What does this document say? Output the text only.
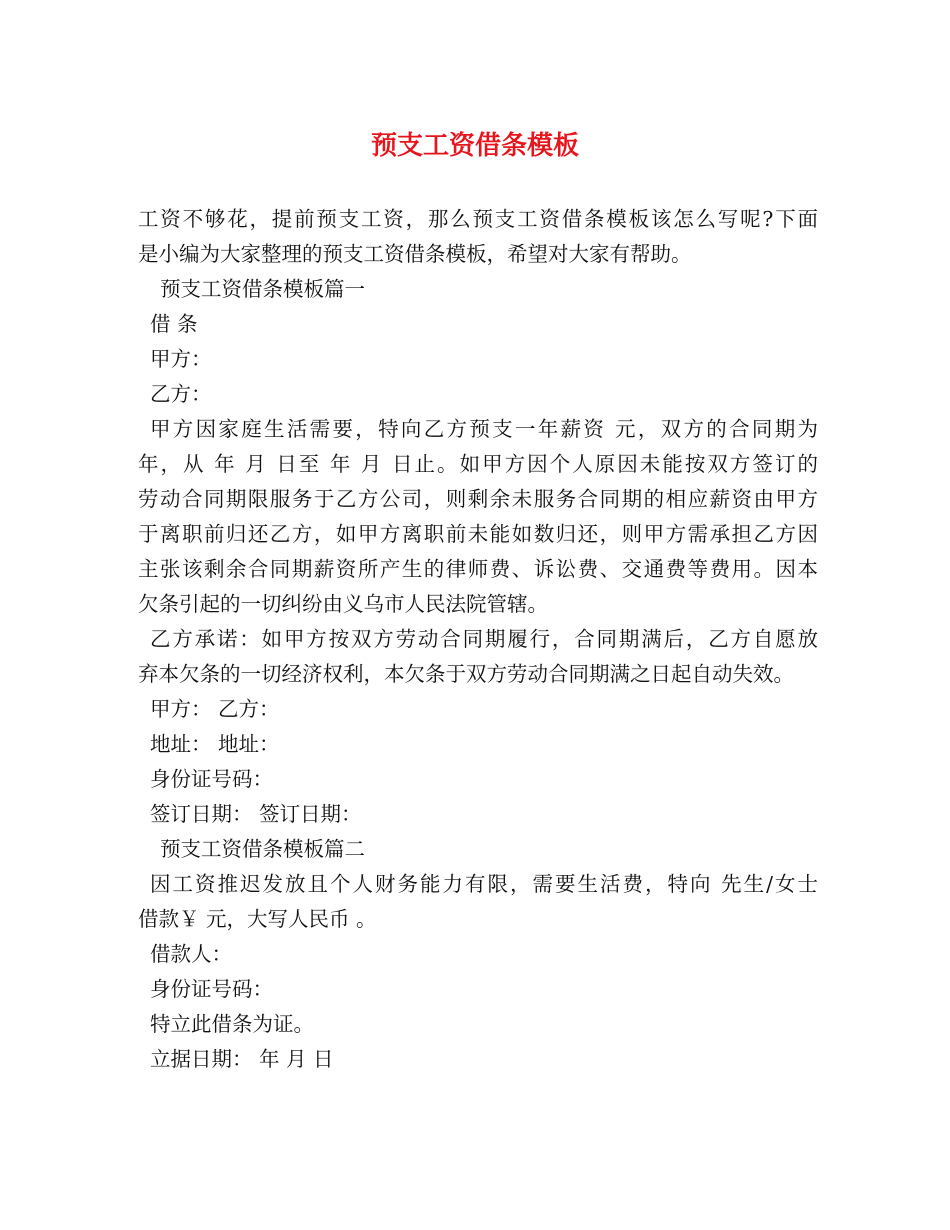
预支工资借条模板
工资不够花，提前预支工资，那么预支工资借条模板该怎么写呢?下面
是小编为大家整理的预支工资借条模板，希望对大家有帮助。
预支工资借条模板篇一
借 条
甲方：
乙方：
甲方因家庭生活需要，特向乙方预支一年薪资 元，双方的合同期为
年，从 年 月 日至 年 月 日止。如甲方因个人原因未能按双方签订的
劳动合同期限服务于乙方公司，则剩余未服务合同期的相应薪资由甲方
于离职前归还乙方，如甲方离职前未能如数归还，则甲方需承担乙方因
主张该剩余合同期薪资所产生的律师费、诉讼费、交通费等费用。因本
欠条引起的一切纠纷由义乌市人民法院管辖。
乙方承诺：如甲方按双方劳动合同期履行，合同期满后，乙方自愿放
弃本欠条的一切经济权利，本欠条于双方劳动合同期满之日起自动失效。
甲方： 乙方：
地址： 地址：
身份证号码：
签订日期： 签订日期：
预支工资借条模板篇二
因工资推迟发放且个人财务能力有限，需要生活费，特向 先生/女士
借款￥ 元，大写人民币 。
借款人：
身份证号码：
特立此借条为证。
立据日期： 年 月 日
